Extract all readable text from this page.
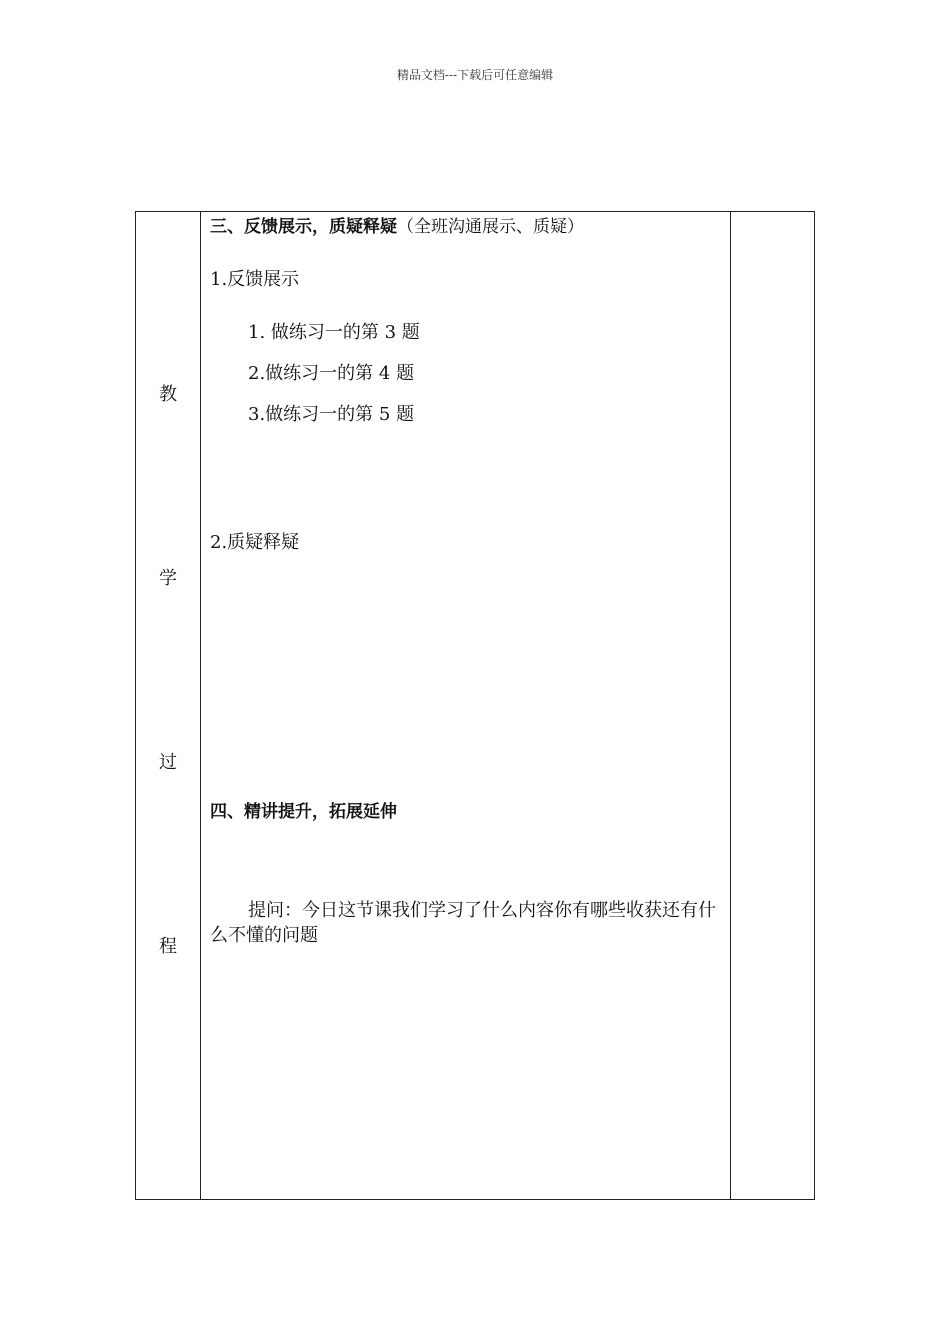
精品文档---下载后可任意编辑
教
学
过
程
三、反馈展示，质疑释疑（全班沟通展示、质疑）
1.反馈展示
1. 做练习一的第 3 题
2.做练习一的第 4 题
3.做练习一的第 5 题
2.质疑释疑
四、精讲提升，拓展延伸
提问：今日这节课我们学习了什么内容你有哪些收获还有什么不懂的问题
